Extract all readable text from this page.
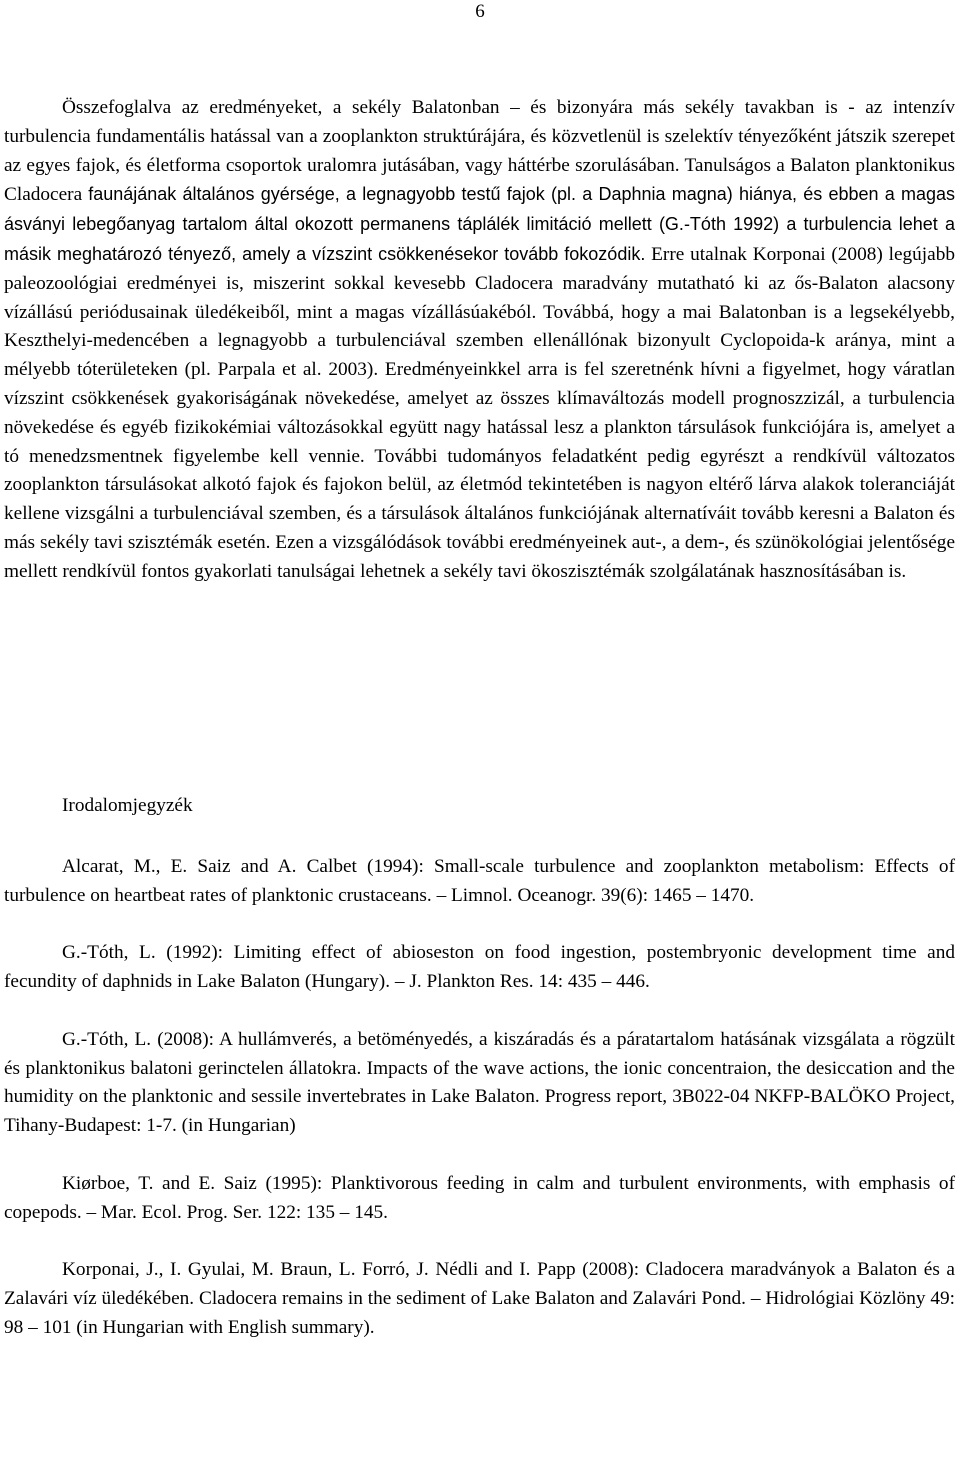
6

Összefoglalva az eredményeket, a sekély Balatonban – és bizonyára más sekély tavakban is - az intenzív turbulencia fundamentális hatással van a zooplankton struktúrájára, és közvetlenül is szelektív tényezőként játszik szerepet az egyes fajok, és életforma csoportok uralomra jutásában, vagy háttérbe szorulásában. Tanulságos a Balaton planktonikus Cladocera faunájának általános gyérsége, a legnagyobb testű fajok (pl. a Daphnia magna) hiánya, és ebben a magas ásványi lebegőanyag tartalom által okozott permanens táplálék limitáció mellett (G.-Tóth 1992) a turbulencia lehet a másik meghatározó tényező, amely a vízszint csökkenésekor tovább fokozódik. Erre utalnak Korponai (2008) legújabb paleozoológiai eredményei is, miszerint sokkal kevesebb Cladocera maradvány mutatható ki az ős-Balaton alacsony vízállású periódusainak üledékeiből, mint a magas vízállásúakéból. Továbbá, hogy a mai Balatonban is a legsekélyebb, Keszthelyi-medencében a legnagyobb a turbulenciával szemben ellenállónak bizonyult Cyclopoida-k aránya, mint a mélyebb tóterületeken (pl. Parpala et al. 2003). Eredményeinkkel arra is fel szeretnénk hívni a figyelmet, hogy váratlan vízszint csökkenések gyakoriságának növekedése, amelyet az összes klímaváltozás modell prognoszzizál, a turbulencia növekedése és egyéb fizikokémiai változásokkal együtt nagy hatással lesz a plankton társulások funkciójára is, amelyet a tó menedzsmentnek figyelembe kell vennie. További tudományos feladatként pedig egyrészt a rendkívül változatos zooplankton társulásokat alkotó fajok és fajokon belül, az életmód tekintetében is nagyon eltérő lárva alakok toleranciáját kellene vizsgálni a turbulenciával szemben, és a társulások általános funkciójának alternatíváit tovább keresni a Balaton és más sekély tavi szisztémák esetén. Ezen a vizsgálódások további eredményeinek aut-, a dem-, és szünökológiai jelentősége mellett rendkívül fontos gyakorlati tanulságai lehetnek a sekély tavi ökoszisztémák szolgálatának hasznosításában is.

Irodalomjegyzék

Alcarat, M., E. Saiz and A. Calbet (1994): Small-scale turbulence and zooplankton metabolism: Effects of turbulence on heartbeat rates of planktonic crustaceans. – Limnol. Oceanogr. 39(6): 1465 – 1470.

G.-Tóth, L. (1992): Limiting effect of abioseston on food ingestion, postembryonic development time and fecundity of daphnids in Lake Balaton (Hungary). – J. Plankton Res. 14: 435 – 446.

G.-Tóth, L. (2008): A hullámverés, a betöményedés, a kiszáradás és a páratartalom hatásának vizsgálata a rögzült és planktonikus balatoni gerinctelen állatokra. Impacts of the wave actions, the ionic concentraion, the desiccation and the humidity on the planktonic and sessile invertebrates in Lake Balaton. Progress report, 3B022-04 NKFP-BALÖKO Project, Tihany-Budapest: 1-7. (in Hungarian)

Kiørboe, T. and E. Saiz (1995): Planktivorous feeding in calm and turbulent environments, with emphasis of copepods. – Mar. Ecol. Prog. Ser. 122: 135 – 145.

Korponai, J., I. Gyulai, M. Braun, L. Forró, J. Nédli and I. Papp (2008): Cladocera maradványok a Balaton és a Zalavári víz üledékében. Cladocera remains in the sediment of Lake Balaton and Zalavári Pond. – Hidrológiai Közlöny 49: 98 – 101 (in Hungarian with English summary).
